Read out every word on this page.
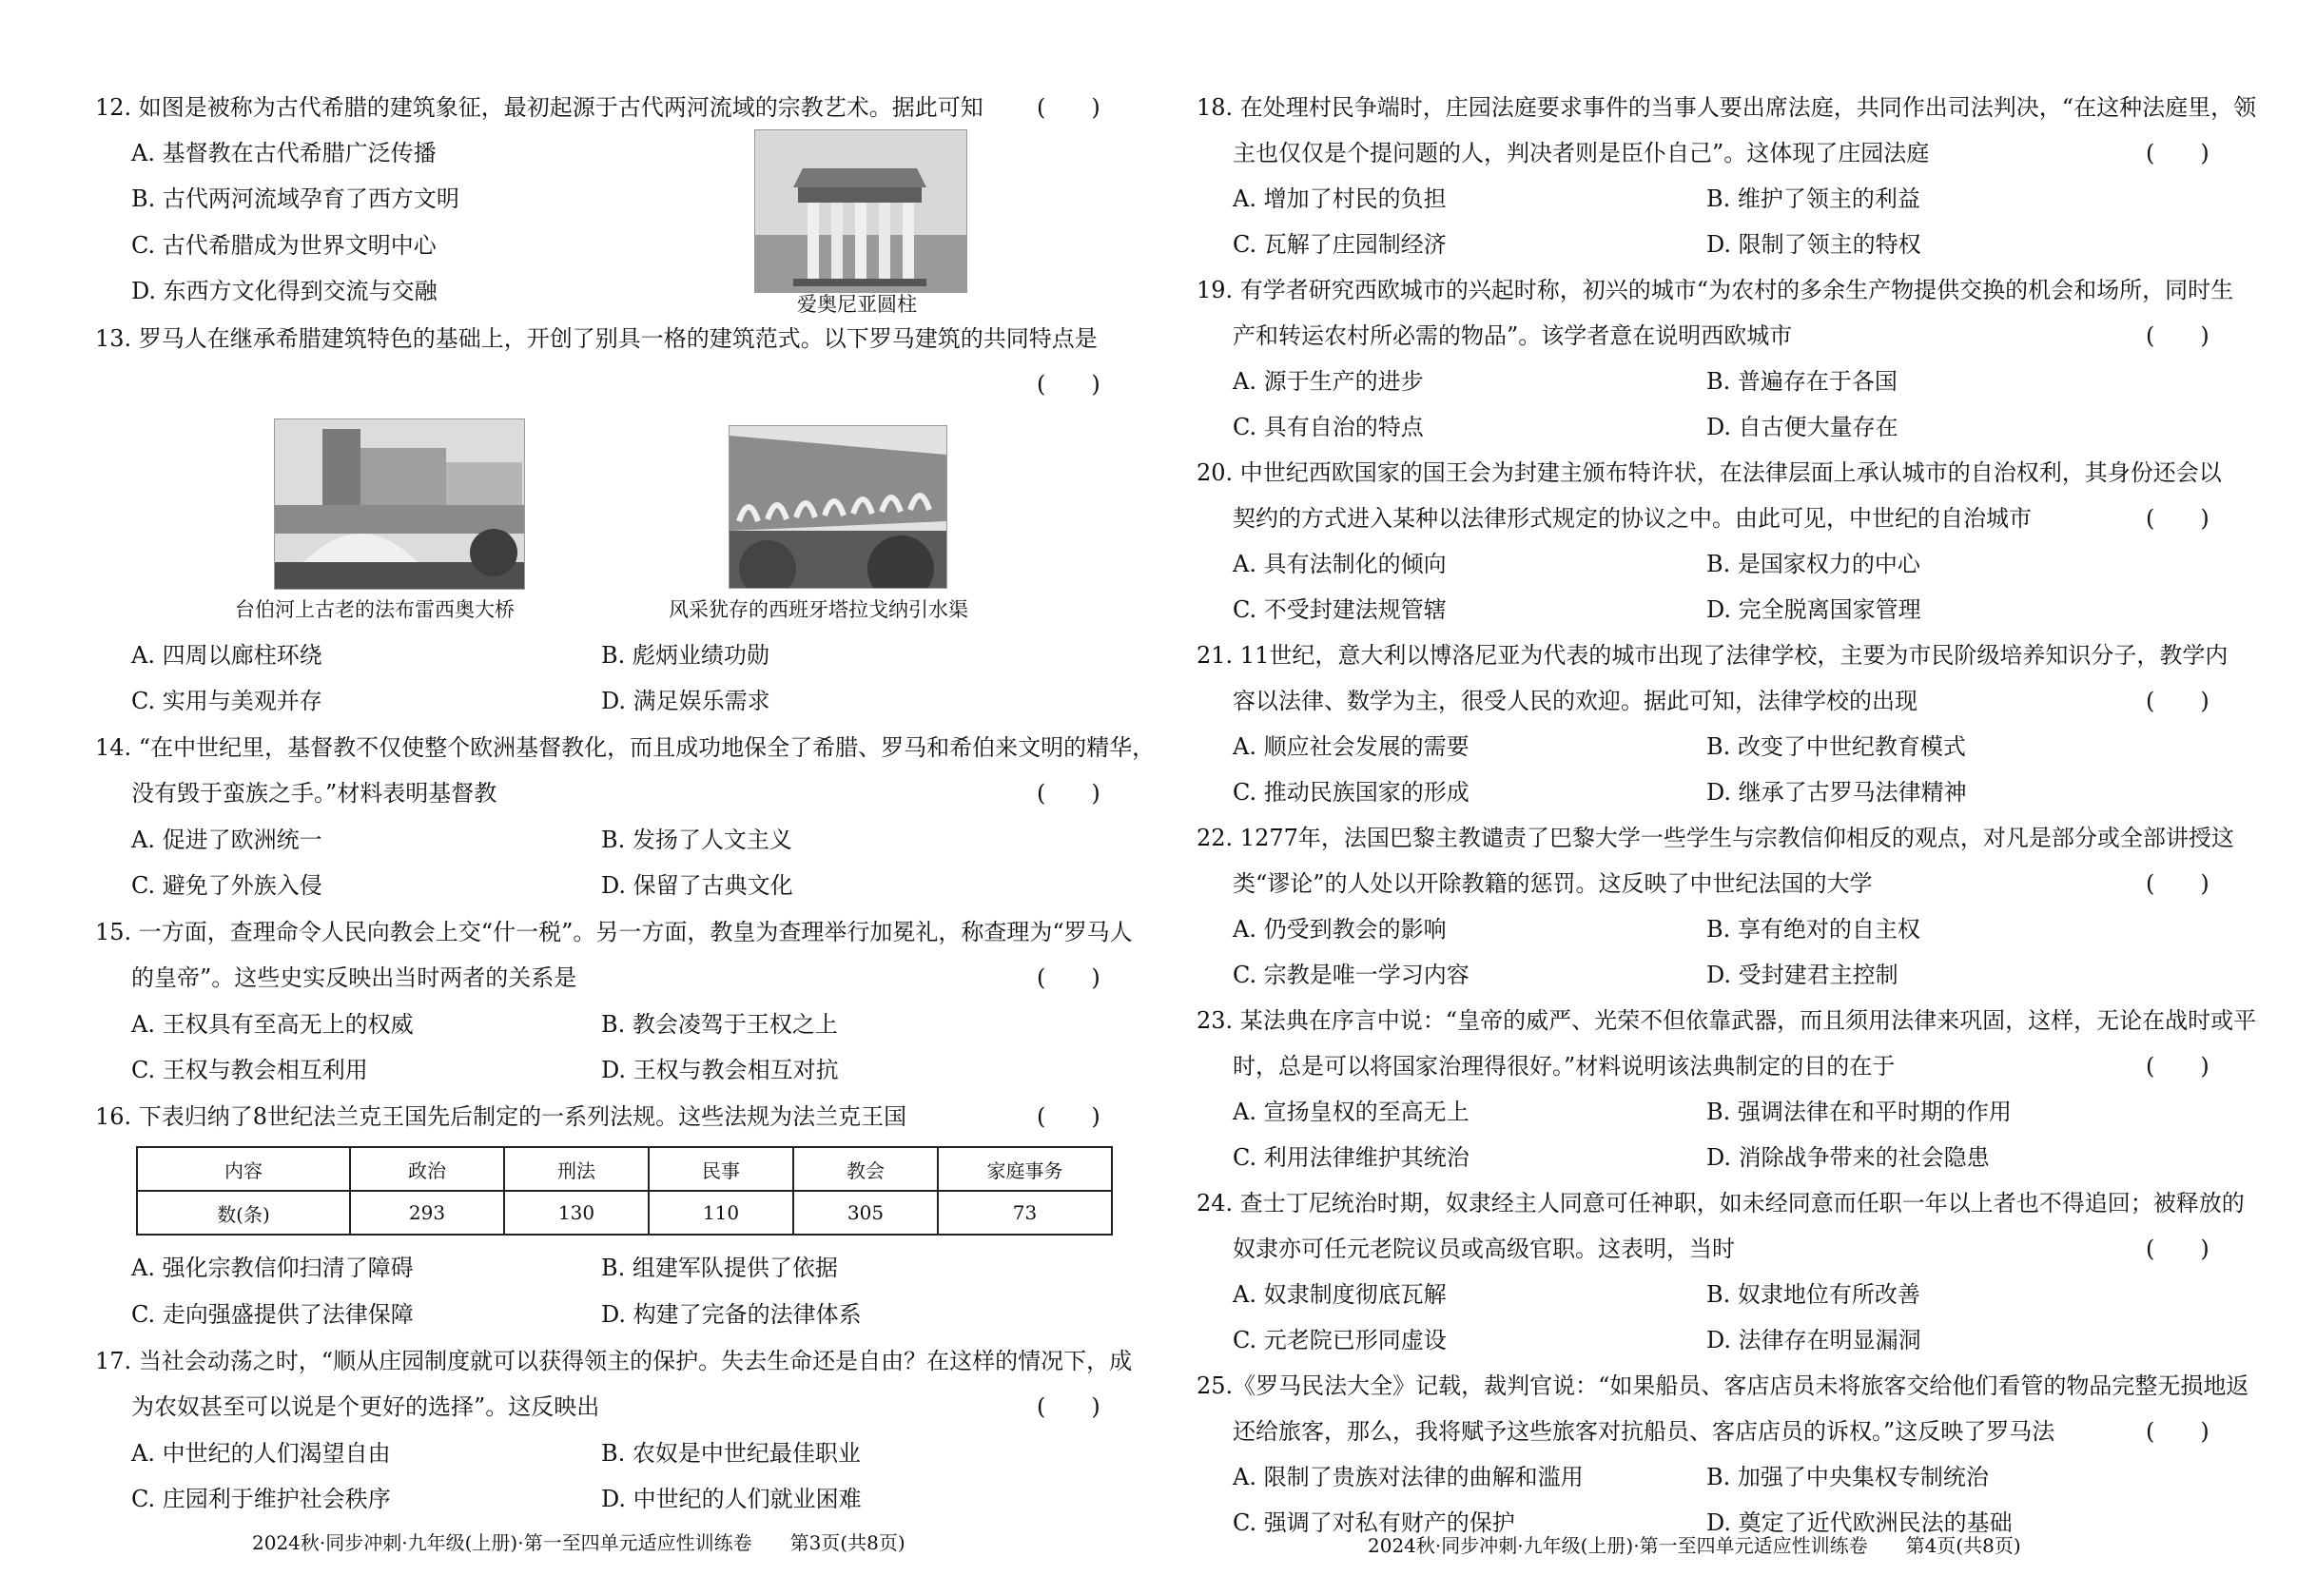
12. 如图是被称为古代希腊的建筑象征，最初起源于古代两河流域的宗教艺术。据此可知 (　　)
A. 基督教在古代希腊广泛传播
B. 古代两河流域孕育了西方文明
C. 古代希腊成为世界文明中心
D. 东西方文化得到交流与交融	爱奥尼亚圆柱
13. 罗马人在继承希腊建筑特色的基础上，开创了别具一格的建筑范式。以下罗马建筑的共同特点是
(　　)
台伯河上古老的法布雷西奥大桥	风采犹存的西班牙塔拉戈纳引水渠
A. 四周以廊柱环绕	B. 彪炳业绩功勋
C. 实用与美观并存	D. 满足娱乐需求
14. “在中世纪里，基督教不仅使整个欧洲基督教化，而且成功地保全了希腊、罗马和希伯来文明的精华，
没有毁于蛮族之手。”材料表明基督教	(　　)
A. 促进了欧洲统一	B. 发扬了人文主义
C. 避免了外族入侵	D. 保留了古典文化
15. 一方面，查理命令人民向教会上交“什一税”。另一方面，教皇为查理举行加冕礼，称查理为“罗马人
的皇帝”。这些史实反映出当时两者的关系是	(　　)
A. 王权具有至高无上的权威	B. 教会凌驾于王权之上
C. 王权与教会相互利用	D. 王权与教会相互对抗
16. 下表归纳了8世纪法兰克王国先后制定的一系列法规。这些法规为法兰克王国	(　　)
内容	政治	刑法	民事	教会	家庭事务
数(条)	293	130	110	305	73
A. 强化宗教信仰扫清了障碍	B. 组建军队提供了依据
C. 走向强盛提供了法律保障	D. 构建了完备的法律体系
17. 当社会动荡之时，“顺从庄园制度就可以获得领主的保护。失去生命还是自由？在这样的情况下，成
为农奴甚至可以说是个更好的选择”。这反映出	(　　)
A. 中世纪的人们渴望自由	B. 农奴是中世纪最佳职业
C. 庄园利于维护社会秩序	D. 中世纪的人们就业困难
2024秋·同步冲刺·九年级(上册)·第一至四单元适应性训练卷　　第3页(共8页)
18. 在处理村民争端时，庄园法庭要求事件的当事人要出席法庭，共同作出司法判决，“在这种法庭里，领
主也仅仅是个提问题的人，判决者则是臣仆自己”。这体现了庄园法庭	(　　)
A. 增加了村民的负担	B. 维护了领主的利益
C. 瓦解了庄园制经济	D. 限制了领主的特权
19. 有学者研究西欧城市的兴起时称，初兴的城市“为农村的多余生产物提供交换的机会和场所，同时生
产和转运农村所必需的物品”。该学者意在说明西欧城市	(　　)
A. 源于生产的进步	B. 普遍存在于各国
C. 具有自治的特点	D. 自古便大量存在
20. 中世纪西欧国家的国王会为封建主颁布特许状，在法律层面上承认城市的自治权利，其身份还会以
契约的方式进入某种以法律形式规定的协议之中。由此可见，中世纪的自治城市	(　　)
A. 具有法制化的倾向	B. 是国家权力的中心
C. 不受封建法规管辖	D. 完全脱离国家管理
21. 11世纪，意大利以博洛尼亚为代表的城市出现了法律学校，主要为市民阶级培养知识分子，教学内
容以法律、数学为主，很受人民的欢迎。据此可知，法律学校的出现	(　　)
A. 顺应社会发展的需要	B. 改变了中世纪教育模式
C. 推动民族国家的形成	D. 继承了古罗马法律精神
22. 1277年，法国巴黎主教谴责了巴黎大学一些学生与宗教信仰相反的观点，对凡是部分或全部讲授这
类“谬论”的人处以开除教籍的惩罚。这反映了中世纪法国的大学	(　　)
A. 仍受到教会的影响	B. 享有绝对的自主权
C. 宗教是唯一学习内容	D. 受封建君主控制
23. 某法典在序言中说：“皇帝的威严、光荣不但依靠武器，而且须用法律来巩固，这样，无论在战时或平
时，总是可以将国家治理得很好。”材料说明该法典制定的目的在于	(　　)
A. 宣扬皇权的至高无上	B. 强调法律在和平时期的作用
C. 利用法律维护其统治	D. 消除战争带来的社会隐患
24. 查士丁尼统治时期，奴隶经主人同意可任神职，如未经同意而任职一年以上者也不得追回；被释放的
奴隶亦可任元老院议员或高级官职。这表明，当时	(　　)
A. 奴隶制度彻底瓦解	B. 奴隶地位有所改善
C. 元老院已形同虚设	D. 法律存在明显漏洞
25.《罗马民法大全》记载，裁判官说：“如果船员、客店店员未将旅客交给他们看管的物品完整无损地返
还给旅客，那么，我将赋予这些旅客对抗船员、客店店员的诉权。”这反映了罗马法	(　　)
A. 限制了贵族对法律的曲解和滥用	B. 加强了中央集权专制统治
C. 强调了对私有财产的保护	D. 奠定了近代欧洲民法的基础
2024秋·同步冲刺·九年级(上册)·第一至四单元适应性训练卷　　第4页(共8页)
